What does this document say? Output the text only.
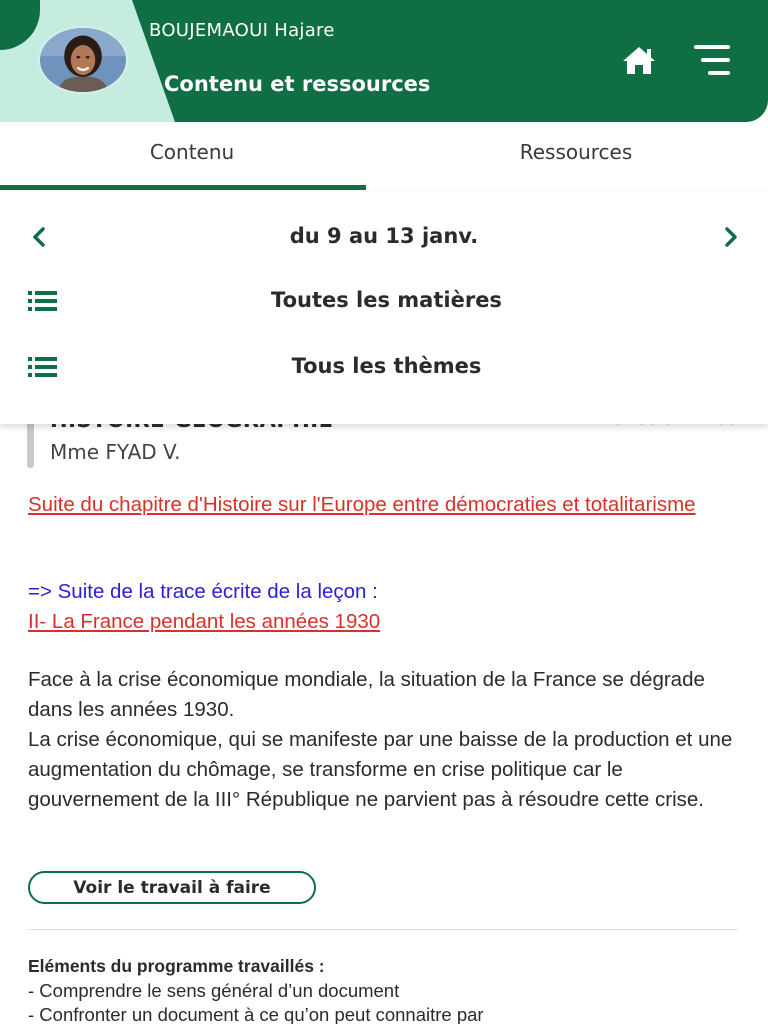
BOUJEMAOUI Hajare
Contenu et ressources
Contenu	Ressources
du 9 au 13 janv.
Toutes les matières
Tous les thèmes
Mme FYAD V.
Suite du chapitre d'Histoire sur l'Europe entre démocraties et totalitarisme
=> Suite de la trace écrite de la leçon :
II- La France pendant les années 1930
Face à la crise économique mondiale, la situation de la France se dégrade dans les années 1930.
La crise économique, qui se manifeste par une baisse de la production et une augmentation du chômage, se transforme en crise politique car le gouvernement de la III° République ne parvient pas à résoudre cette crise.
Voir le travail à faire
Eléments du programme travaillés :
- Comprendre le sens général d’un document
- Confronter un document à ce qu’on peut connaitre par
